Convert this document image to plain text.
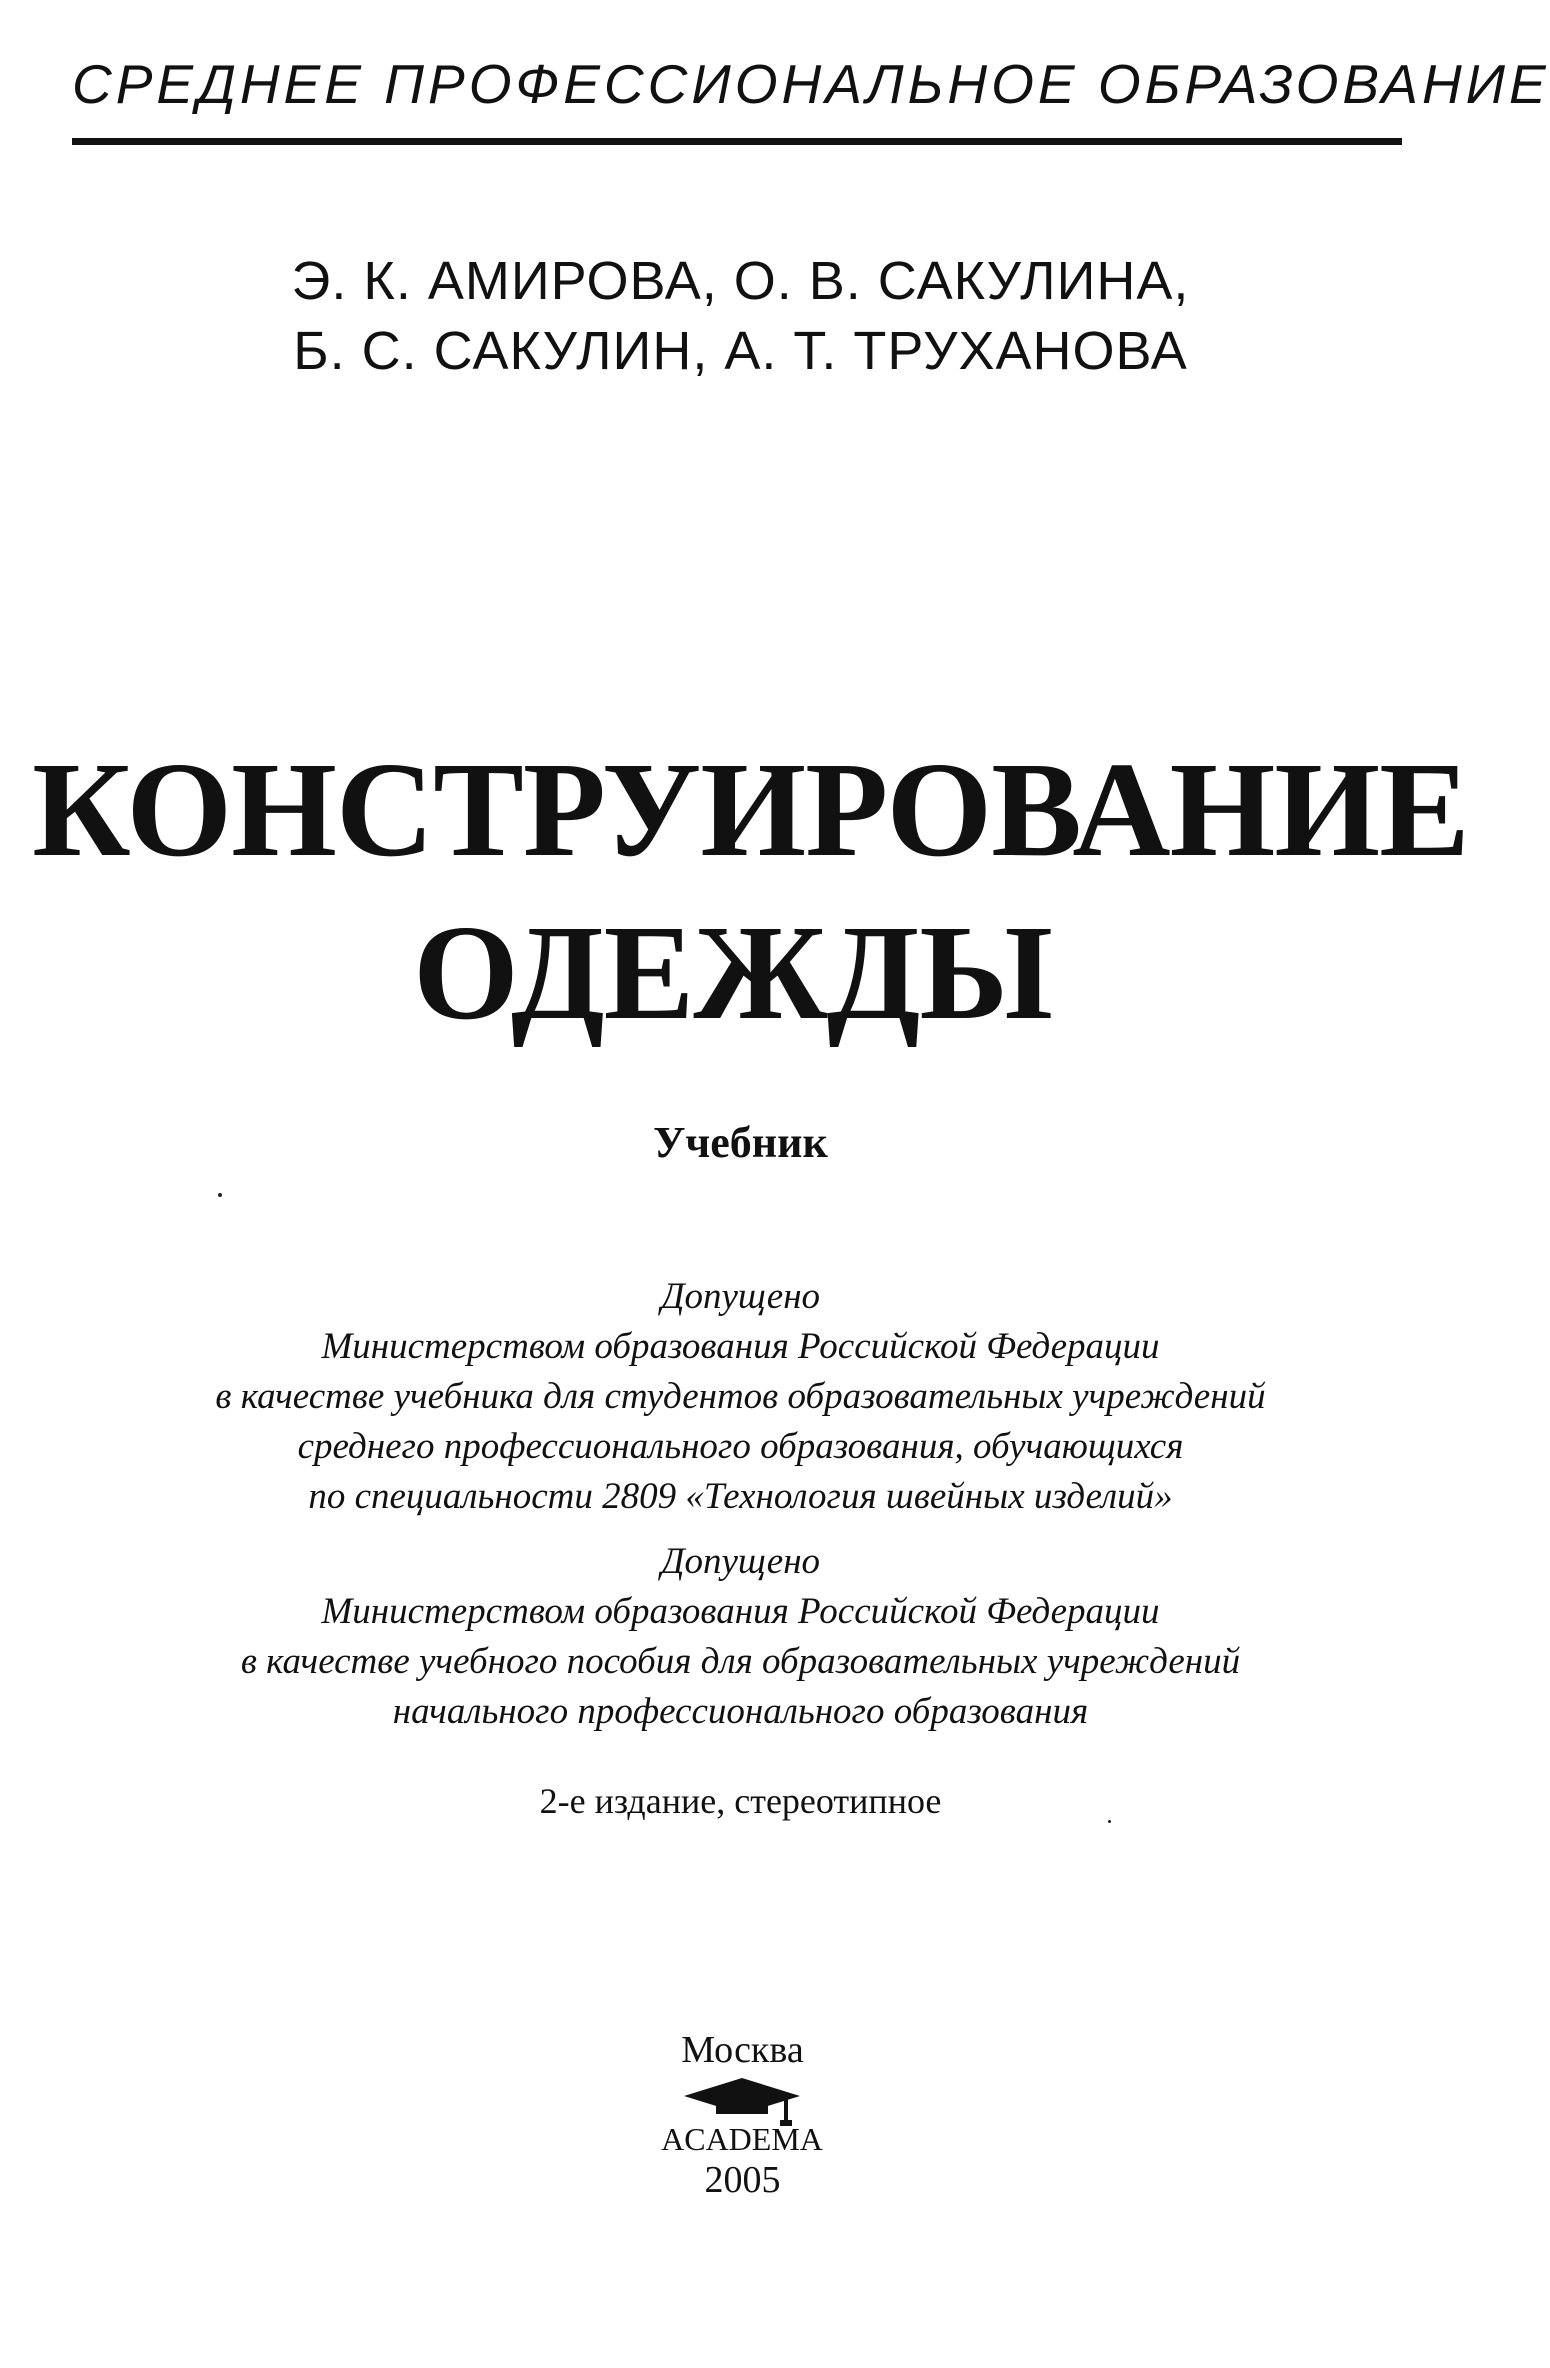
СРЕДНЕЕ ПРОФЕССИОНАЛЬНОЕ ОБРАЗОВАНИЕ
Э. К. АМИРОВА, О. В. САКУЛИНА,
Б. С. САКУЛИН, А. Т. ТРУХАНОВА
КОНСТРУИРОВАНИЕ
ОДЕЖДЫ
Учебник
Допущено
Министерством образования Российской Федерации
в качестве учебника для студентов образовательных учреждений
среднего профессионального образования, обучающихся
по специальности 2809 «Технология швейных изделий»
Допущено
Министерством образования Российской Федерации
в качестве учебного пособия для образовательных учреждений
начального профессионального образования
2-е издание, стереотипное
Москва
ACADEMA
2005
